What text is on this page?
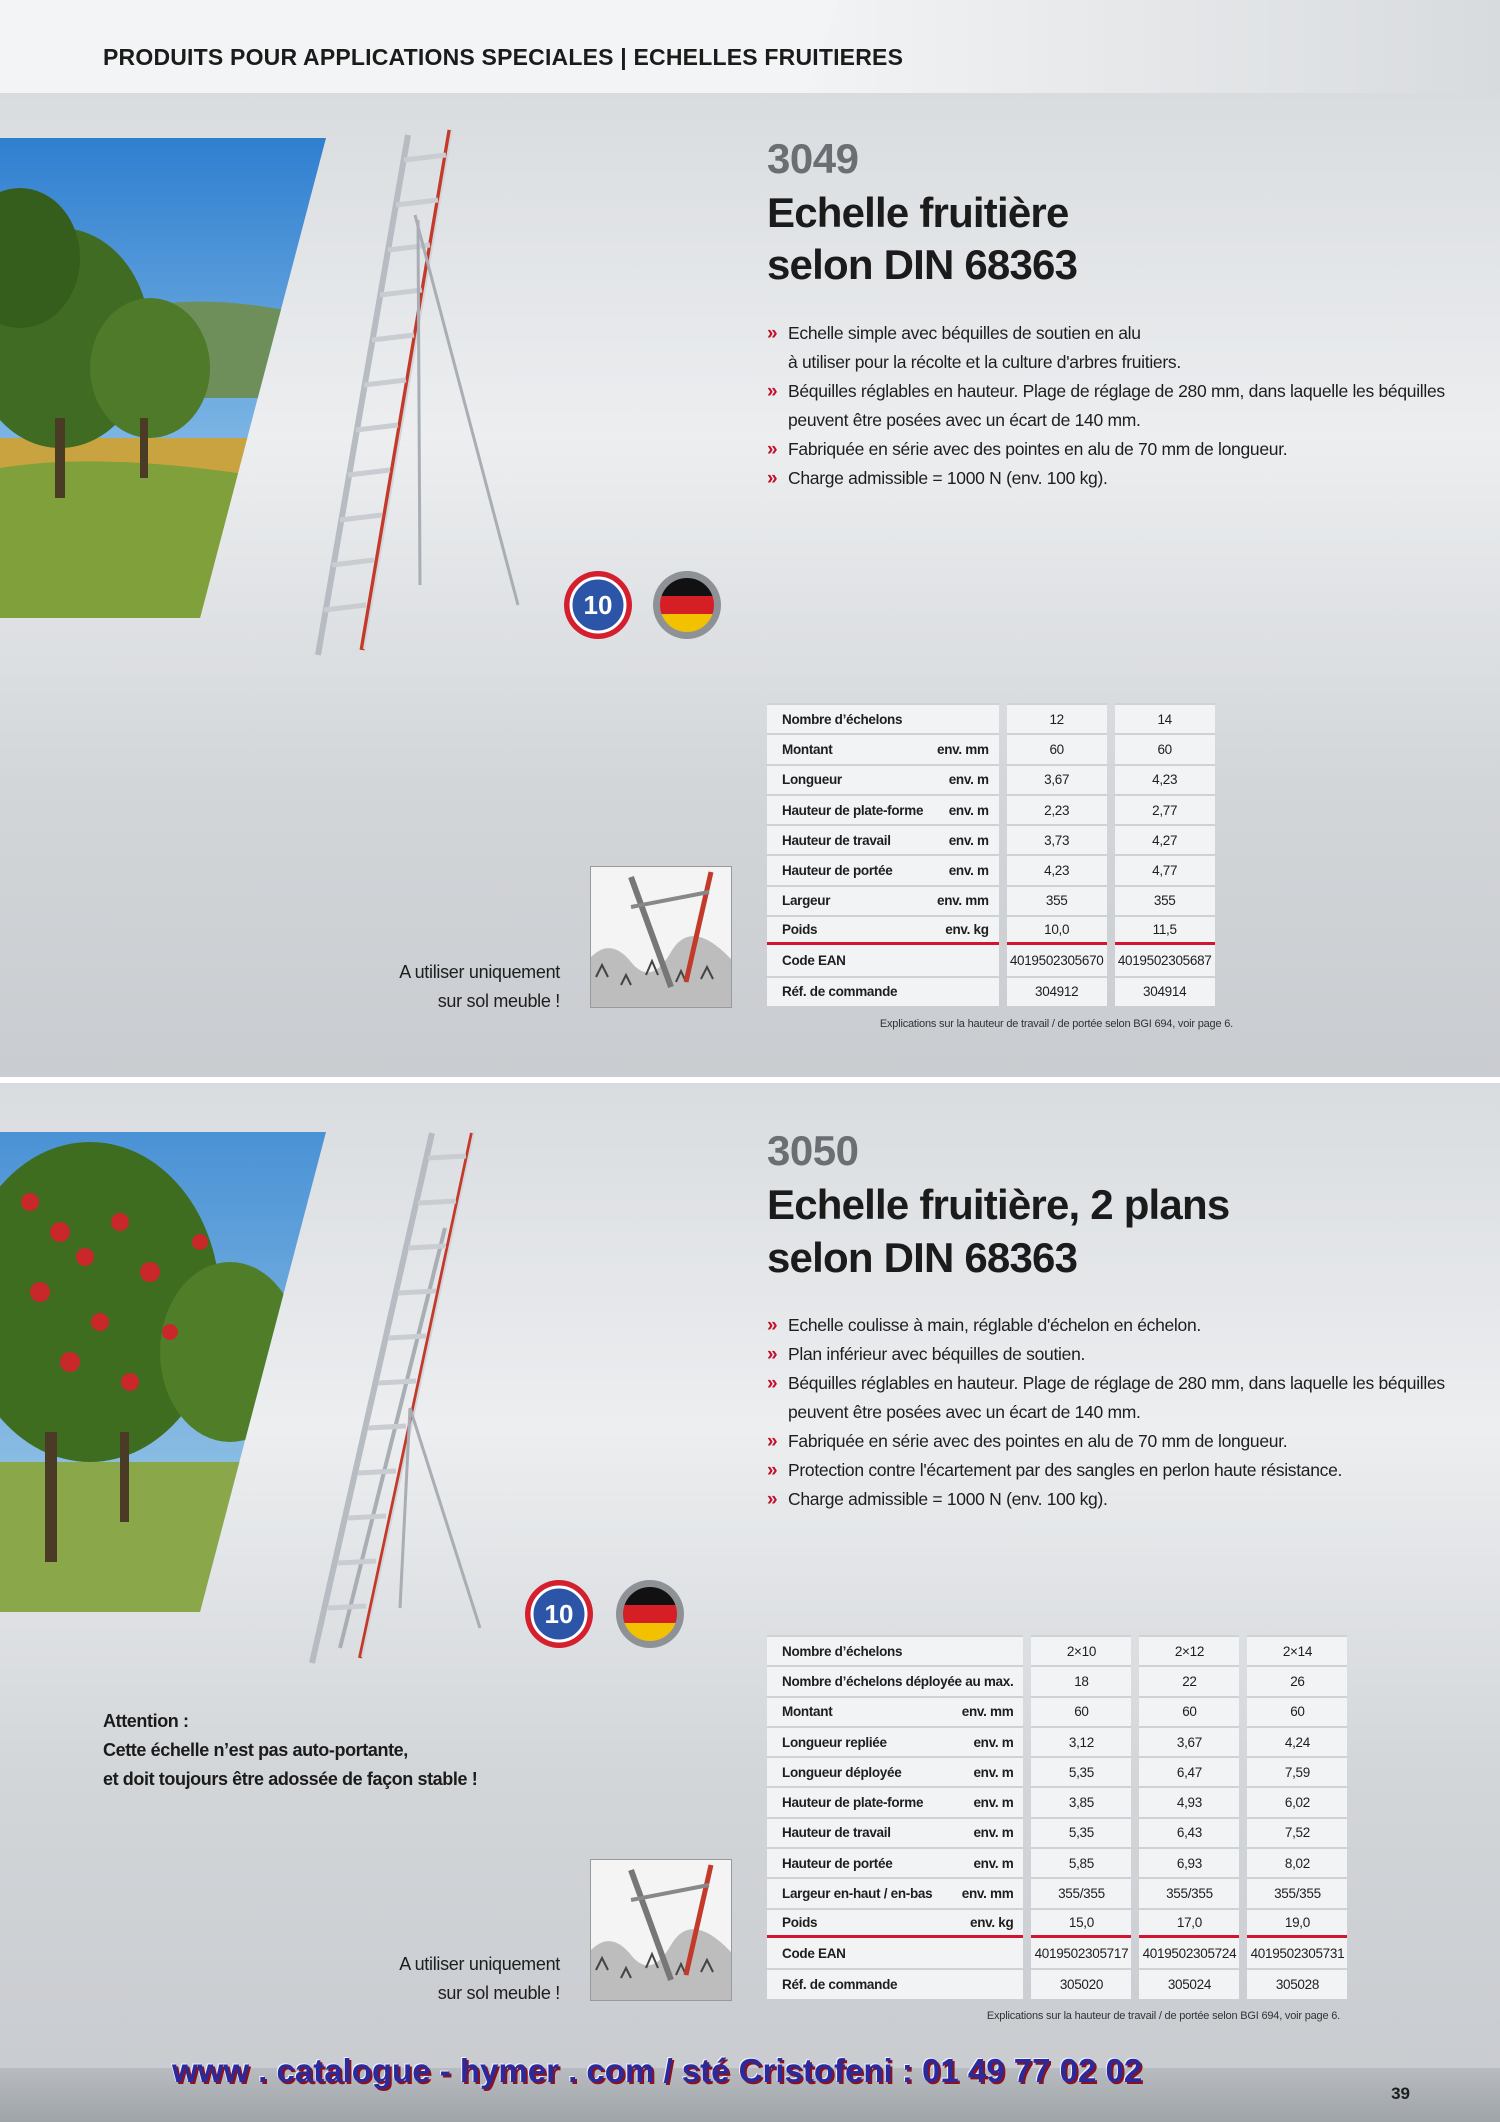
PRODUITS POUR APPLICATIONS SPECIALES | ECHELLES FRUITIERES
10
3049
Echelle fruitière
selon DIN 68363
» Echelle simple avec béquilles de soutien en alu
à utiliser pour la récolte et la culture d'arbres fruitiers.
» Béquilles réglables en hauteur. Plage de réglage de 280 mm, dans laquelle les béquilles
peuvent être posées avec un écart de 140 mm.
» Fabriquée en série avec des pointes en alu de 70 mm de longueur.
» Charge admissible = 1000 N (env. 100 kg).
Nombre d’échelons			12		14
Montant	env. mm		60		60
Longueur	env. m		3,67		4,23
Hauteur de plate-forme	env. m		2,23		2,77
Hauteur de travail	env. m		3,73		4,27
Hauteur de portée	env. m		4,23		4,77
Largeur	env. mm		355		355
Poids	env. kg		10,0		11,5
Code EAN			4019502305670		4019502305687
Réf. de commande			304912		304914
Explications sur la hauteur de travail / de portée selon BGI 694, voir page 6.
A utiliser uniquement
sur sol meuble !
10
3050
Echelle fruitière, 2 plans
selon DIN 68363
» Echelle coulisse à main, réglable d'échelon en échelon.
» Plan inférieur avec béquilles de soutien.
» Béquilles réglables en hauteur. Plage de réglage de 280 mm, dans laquelle les béquilles
peuvent être posées avec un écart de 140 mm.
» Fabriquée en série avec des pointes en alu de 70 mm de longueur.
» Protection contre l'écartement par des sangles en perlon haute résistance.
» Charge admissible = 1000 N (env. 100 kg).
Attention :
Cette échelle n’est pas auto-portante,
et doit toujours être adossée de façon stable !
Nombre d’échelons			2×10		2×12		2×14
Nombre d’échelons déployée	au max.		18		22		26
Montant	env. mm		60		60		60
Longueur repliée	env. m		3,12		3,67		4,24
Longueur déployée	env. m		5,35		6,47		7,59
Hauteur de plate-forme	env. m		3,85		4,93		6,02
Hauteur de travail	env. m		5,35		6,43		7,52
Hauteur de portée	env. m		5,85		6,93		8,02
Largeur en-haut / en-bas	env. mm		355/355		355/355		355/355
Poids	env. kg		15,0		17,0		19,0
Code EAN			4019502305717		4019502305724		4019502305731
Réf. de commande			305020		305024		305028
Explications sur la hauteur de travail / de portée selon BGI 694, voir page 6.
A utiliser uniquement
sur sol meuble !
www . catalogue - hymer . com / sté Cristofeni : 01 49 77 02 02
39
